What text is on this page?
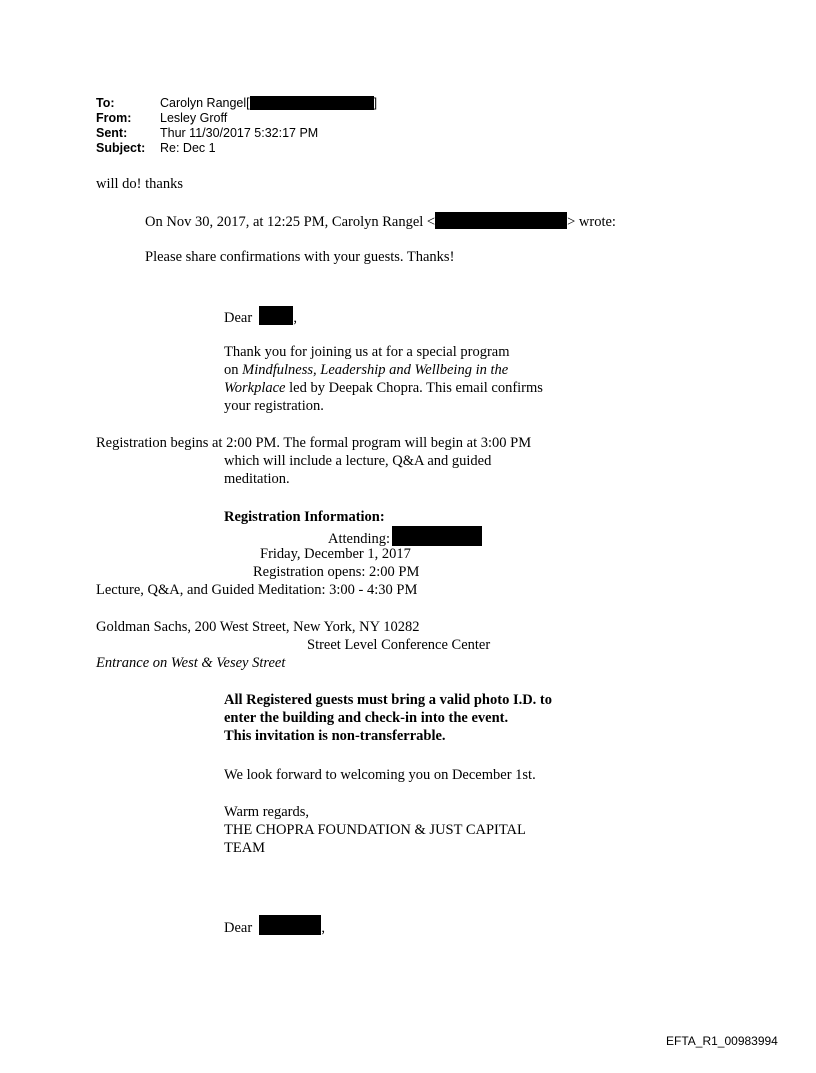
To:	Carolyn Rangel[	]
From: Lesley Groff
Sent:	Thur 11/30/2017 5:32:17 PM
Subject: Re: Dec 1
will do! thanks
On Nov 30, 2017, at 12:25 PM, Carolyn Rangel <	> wrote:
Please share confirmations with your guests. Thanks!
Dear	,
Thank you for joining us at for a special program
on Mindfulness, Leadership and Wellbeing in the
Workplace led by Deepak Chopra. This email confirms
your registration.
Registration begins at 2:00 PM. The formal program will begin at 3:00 PM
which will include a lecture, Q&A and guided
meditation.
Registration Information:
Attending:
Friday, December 1, 2017
Registration opens: 2:00 PM
Lecture, Q&A, and Guided Meditation: 3:00 - 4:30 PM
Goldman Sachs, 200 West Street, New York, NY 10282
Street Level Conference Center
Entrance on West & Vesey Street
All Registered guests must bring a valid photo I.D. to
enter the building and check-in into the event.
This invitation is non-transferrable.
We look forward to welcoming you on December 1st.
Warm regards,
THE CHOPRA FOUNDATION & JUST CAPITAL
TEAM
Dear	,
EFTA_R1_00983994
